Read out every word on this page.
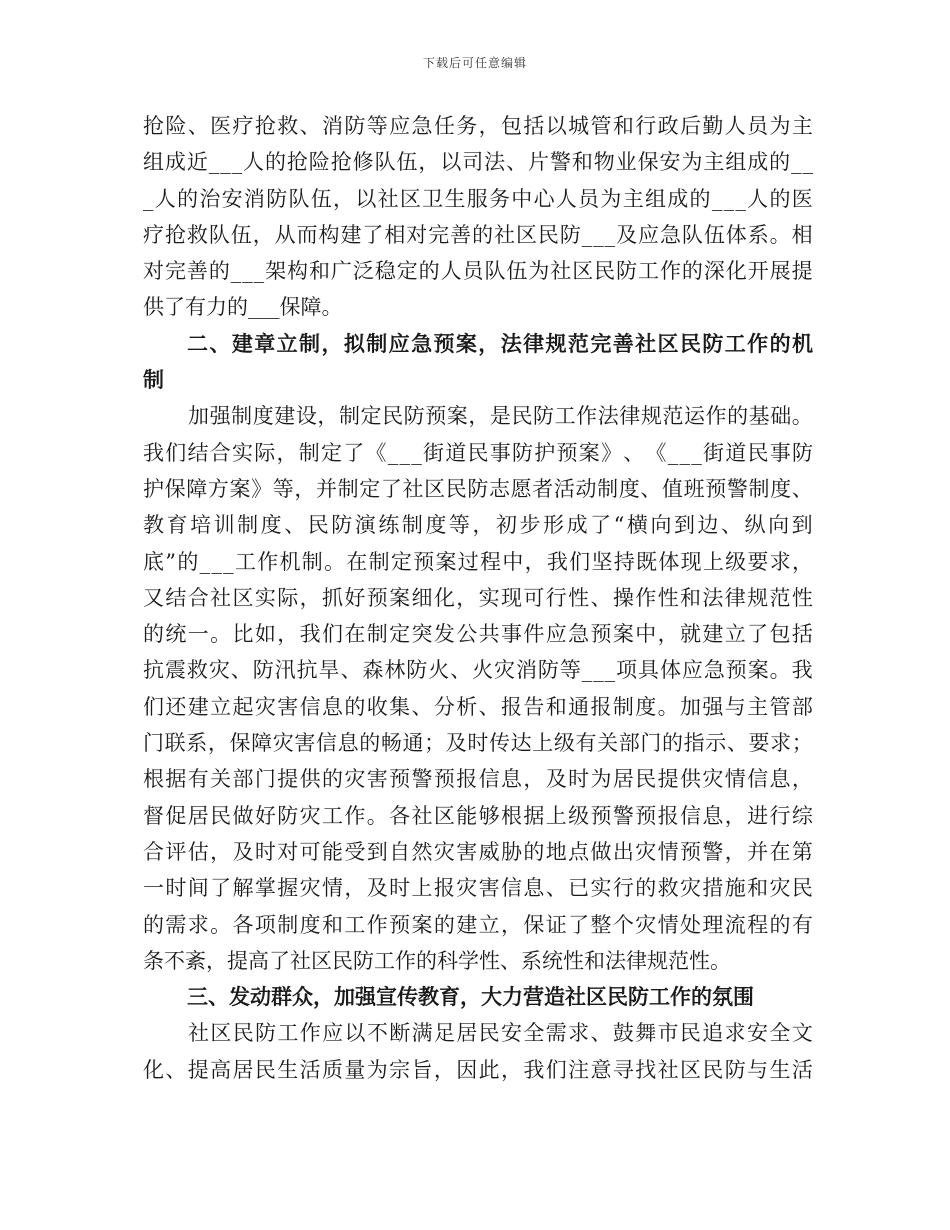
下载后可任意编辑
抢 险 、 医 疗 抢 救 、 消 防 等 应 急 任 务 ， 包 括 以 城 管 和 行 政 后 勤 人 员 为 主
组 成 近 _ _ _ 人 的 抢 险 抢 修 队 伍 ， 以 司 法 、 片 警 和 物 业 保 安 为 主 组 成 的 _ _
_ 人 的 治 安 消 防 队 伍 ， 以 社 区 卫 生 服 务 中 心 人 员 为 主 组 成 的 _ _ _ 人 的 医
疗 抢 救 队 伍 ， 从 而 构 建 了 相 对 完 善 的 社 区 民 防 _ _ _ 及 应 急 队 伍 体 系 。 相
对 完 善 的 _ _ _ 架 构 和 广 泛 稳 定 的 人 员 队 伍 为 社 区 民 防 工 作 的 深 化 开 展 提
供了有力的___保障。
二 、 建 章 立 制 ， 拟 制 应 急 预 案 ， 法 律 规 范 完 善 社 区 民 防 工 作 的 机
制
加 强 制 度 建 设 ， 制 定 民 防 预 案 ， 是 民 防 工 作 法 律 规 范 运 作 的 基 础 。
我 们 结 合 实 际 ， 制 定 了 《 _ _ _ 街 道 民 事 防 护 预 案 》 、 《 _ _ _ 街 道 民 事 防
护 保 障 方 案 》 等 ， 并 制 定 了 社 区 民 防 志 愿 者 活 动 制 度 、 值 班 预 警 制 度 、
教 育 培 训 制 度 、 民 防 演 练 制 度 等 ， 初 步 形 成 了 “ 横 向 到 边 、 纵 向 到
底 ” 的 _ _ _ 工 作 机 制 。 在 制 定 预 案 过 程 中 ， 我 们 坚 持 既 体 现 上 级 要 求 ，
又 结 合 社 区 实 际 ， 抓 好 预 案 细 化 ， 实 现 可 行 性 、 操 作 性 和 法 律 规 范 性
的 统 一 。 比 如 ， 我 们 在 制 定 突 发 公 共 事 件 应 急 预 案 中 ， 就 建 立 了 包 括
抗 震 救 灾 、 防 汛 抗 旱 、 森 林 防 火 、 火 灾 消 防 等 _ _ _ 项 具 体 应 急 预 案 。 我
们 还 建 立 起 灾 害 信 息 的 收 集 、 分 析 、 报 告 和 通 报 制 度 。 加 强 与 主 管 部
门 联 系 ， 保 障 灾 害 信 息 的 畅 通 ； 及 时 传 达 上 级 有 关 部 门 的 指 示 、 要 求 ；
根 据 有 关 部 门 提 供 的 灾 害 预 警 预 报 信 息 ， 及 时 为 居 民 提 供 灾 情 信 息 ，
督 促 居 民 做 好 防 灾 工 作 。 各 社 区 能 够 根 据 上 级 预 警 预 报 信 息 ， 进 行 综
合 评 估 ， 及 时 对 可 能 受 到 自 然 灾 害 威 胁 的 地 点 做 出 灾 情 预 警 ， 并 在 第
一 时 间 了 解 掌 握 灾 情 ， 及 时 上 报 灾 害 信 息 、 已 实 行 的 救 灾 措 施 和 灾 民
的 需 求 。 各 项 制 度 和 工 作 预 案 的 建 立 ， 保 证 了 整 个 灾 情 处 理 流 程 的 有
条不紊，提高了社区民防工作的科学性、系统性和法律规范性。
三、发动群众，加强宣传教育，大力营造社区民防工作的氛围
社 区 民 防 工 作 应 以 不 断 满 足 居 民 安 全 需 求 、 鼓 舞 市 民 追 求 安 全 文
化 、 提 高 居 民 生 活 质 量 为 宗 旨 ， 因 此 ， 我 们 注 意 寻 找 社 区 民 防 与 生 活
